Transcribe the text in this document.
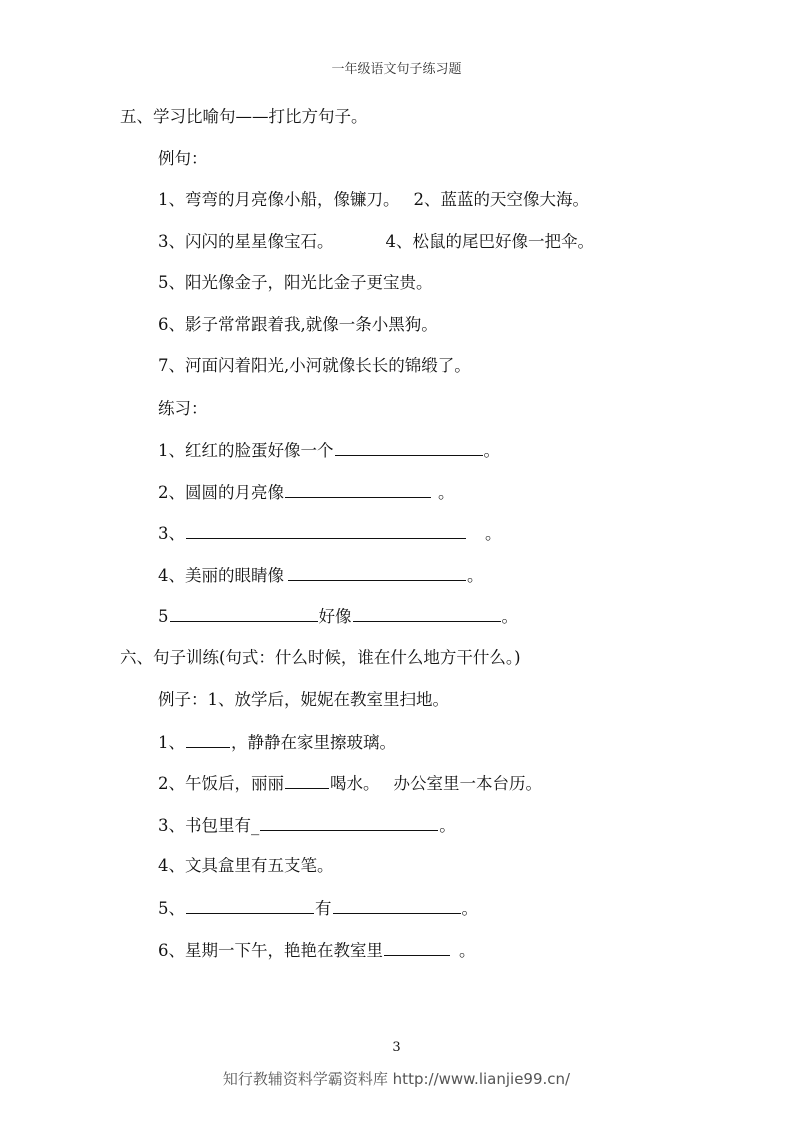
一年级语文句子练习题
五、学习比喻句——打比方句子。
例句：
1、弯弯的月亮像小船，像镰刀。 2、蓝蓝的天空像大海。
3、闪闪的星星像宝石。	4、松鼠的尾巴好像一把伞。
5、阳光像金子，阳光比金子更宝贵。
6、影子常常跟着我,就像一条小黑狗。
7、河面闪着阳光,小河就像长长的锦缎了。
练习：
1、红红的脸蛋好像一个	。
2、圆圆的月亮像	。
3、	。
4、美丽的眼睛像	。
5	好像	。
六、句子训练(句式：什么时候，谁在什么地方干什么。)
例子：1、放学后，妮妮在教室里扫地。
1、	，静静在家里擦玻璃。
2、午饭后，丽丽	喝水。 办公室里一本台历。
3、书包里有_	。
4、文具盒里有五支笔。
5、	有	。
6、星期一下午，艳艳在教室里	。
3
知行教辅资料学霸资料库 http://www.lianjie99.cn/
